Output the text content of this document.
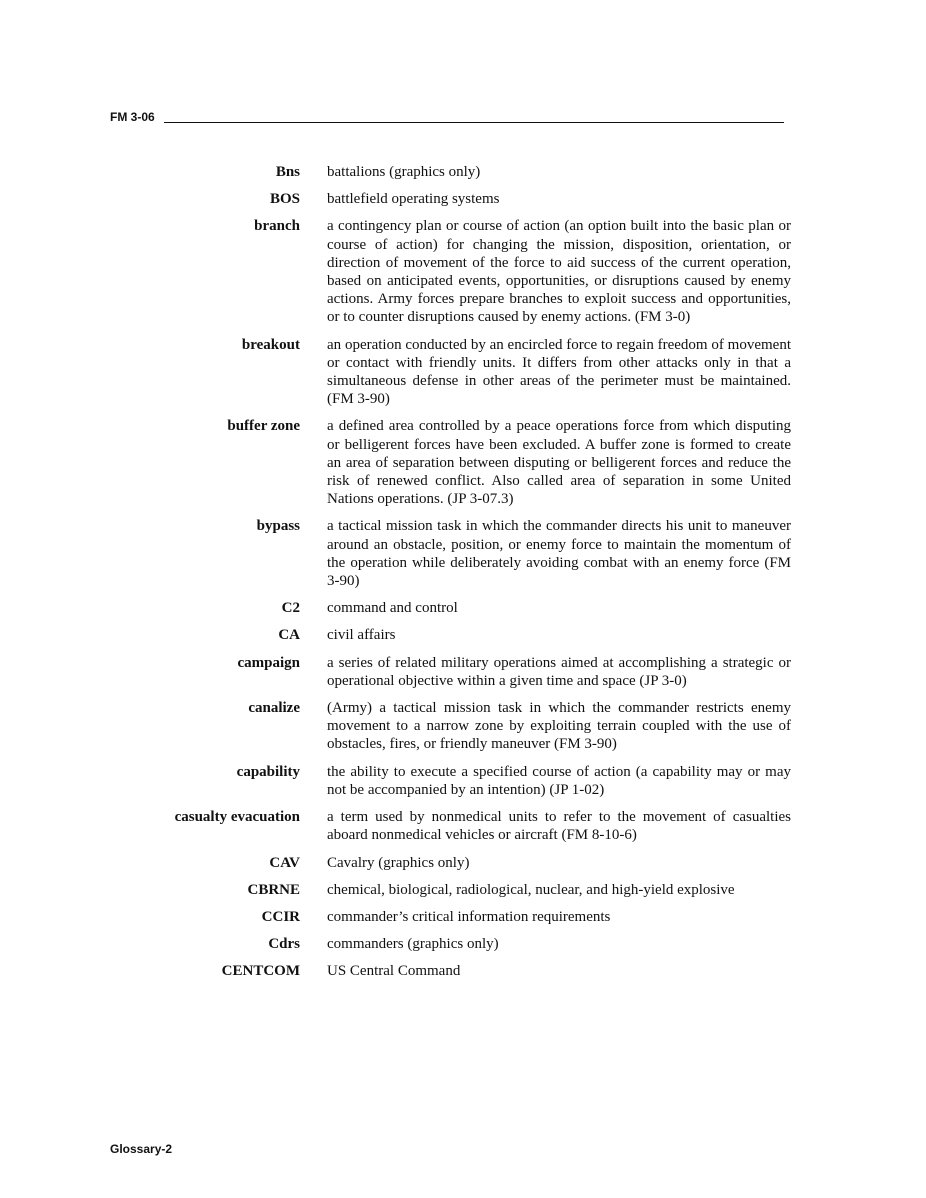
FM 3-06
Bns battalions (graphics only)
BOS battlefield operating systems
branch a contingency plan or course of action (an option built into the basic plan or course of action) for changing the mission, disposition, orientation, or direction of movement of the force to aid success of the current operation, based on anticipated events, opportunities, or disruptions caused by enemy actions. Army forces prepare branches to exploit success and opportunities, or to counter disruptions caused by enemy actions. (FM 3-0)
breakout an operation conducted by an encircled force to regain freedom of movement or contact with friendly units. It differs from other attacks only in that a simultaneous defense in other areas of the perimeter must be maintained. (FM 3-90)
buffer zone a defined area controlled by a peace operations force from which disputing or belligerent forces have been excluded. A buffer zone is formed to create an area of separation between disputing or belligerent forces and reduce the risk of renewed conflict. Also called area of separation in some United Nations operations. (JP 3-07.3)
bypass a tactical mission task in which the commander directs his unit to maneuver around an obstacle, position, or enemy force to maintain the momentum of the operation while deliberately avoiding combat with an enemy force (FM 3-90)
C2 command and control
CA civil affairs
campaign a series of related military operations aimed at accomplishing a strategic or operational objective within a given time and space (JP 3-0)
canalize (Army) a tactical mission task in which the commander restricts enemy movement to a narrow zone by exploiting terrain coupled with the use of obstacles, fires, or friendly maneuver (FM 3-90)
capability the ability to execute a specified course of action (a capability may or may not be accompanied by an intention) (JP 1-02)
casualty evacuation a term used by nonmedical units to refer to the movement of casualties aboard nonmedical vehicles or aircraft (FM 8-10-6)
CAV Cavalry (graphics only)
CBRNE chemical, biological, radiological, nuclear, and high-yield explosive
CCIR commander’s critical information requirements
Cdrs commanders (graphics only)
CENTCOM US Central Command
Glossary-2
